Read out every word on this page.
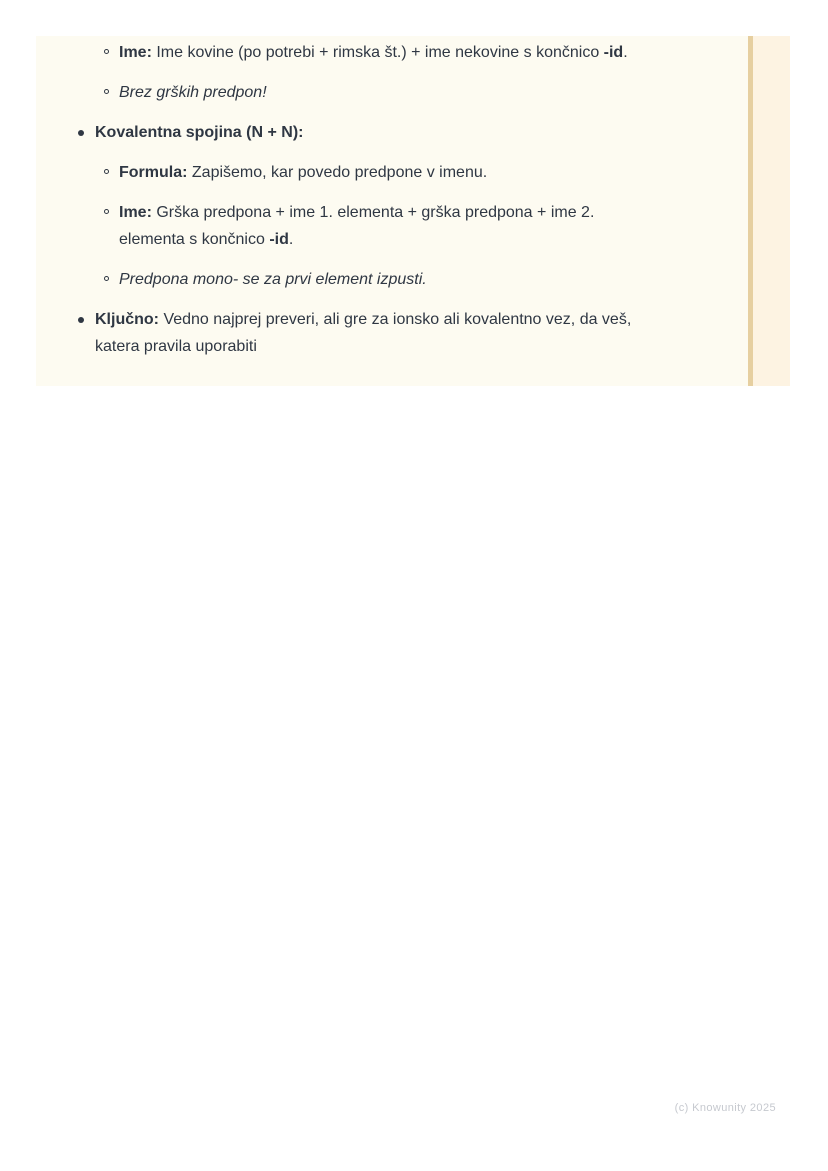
Ime: Ime kovine (po potrebi + rimska št.) + ime nekovine s končnico -id.
Brez grških predpon!
Kovalentna spojina (N + N):
Formula: Zapišemo, kar povedo predpone v imenu.
Ime: Grška predpona + ime 1. elementa + grška predpona + ime 2.
elementa s končnico -id.
Predpona mono- se za prvi element izpusti.
Ključno: Vedno najprej preveri, ali gre za ionsko ali kovalentno vez, da veš,
katera pravila uporabiti
(c) Knowunity 2025
